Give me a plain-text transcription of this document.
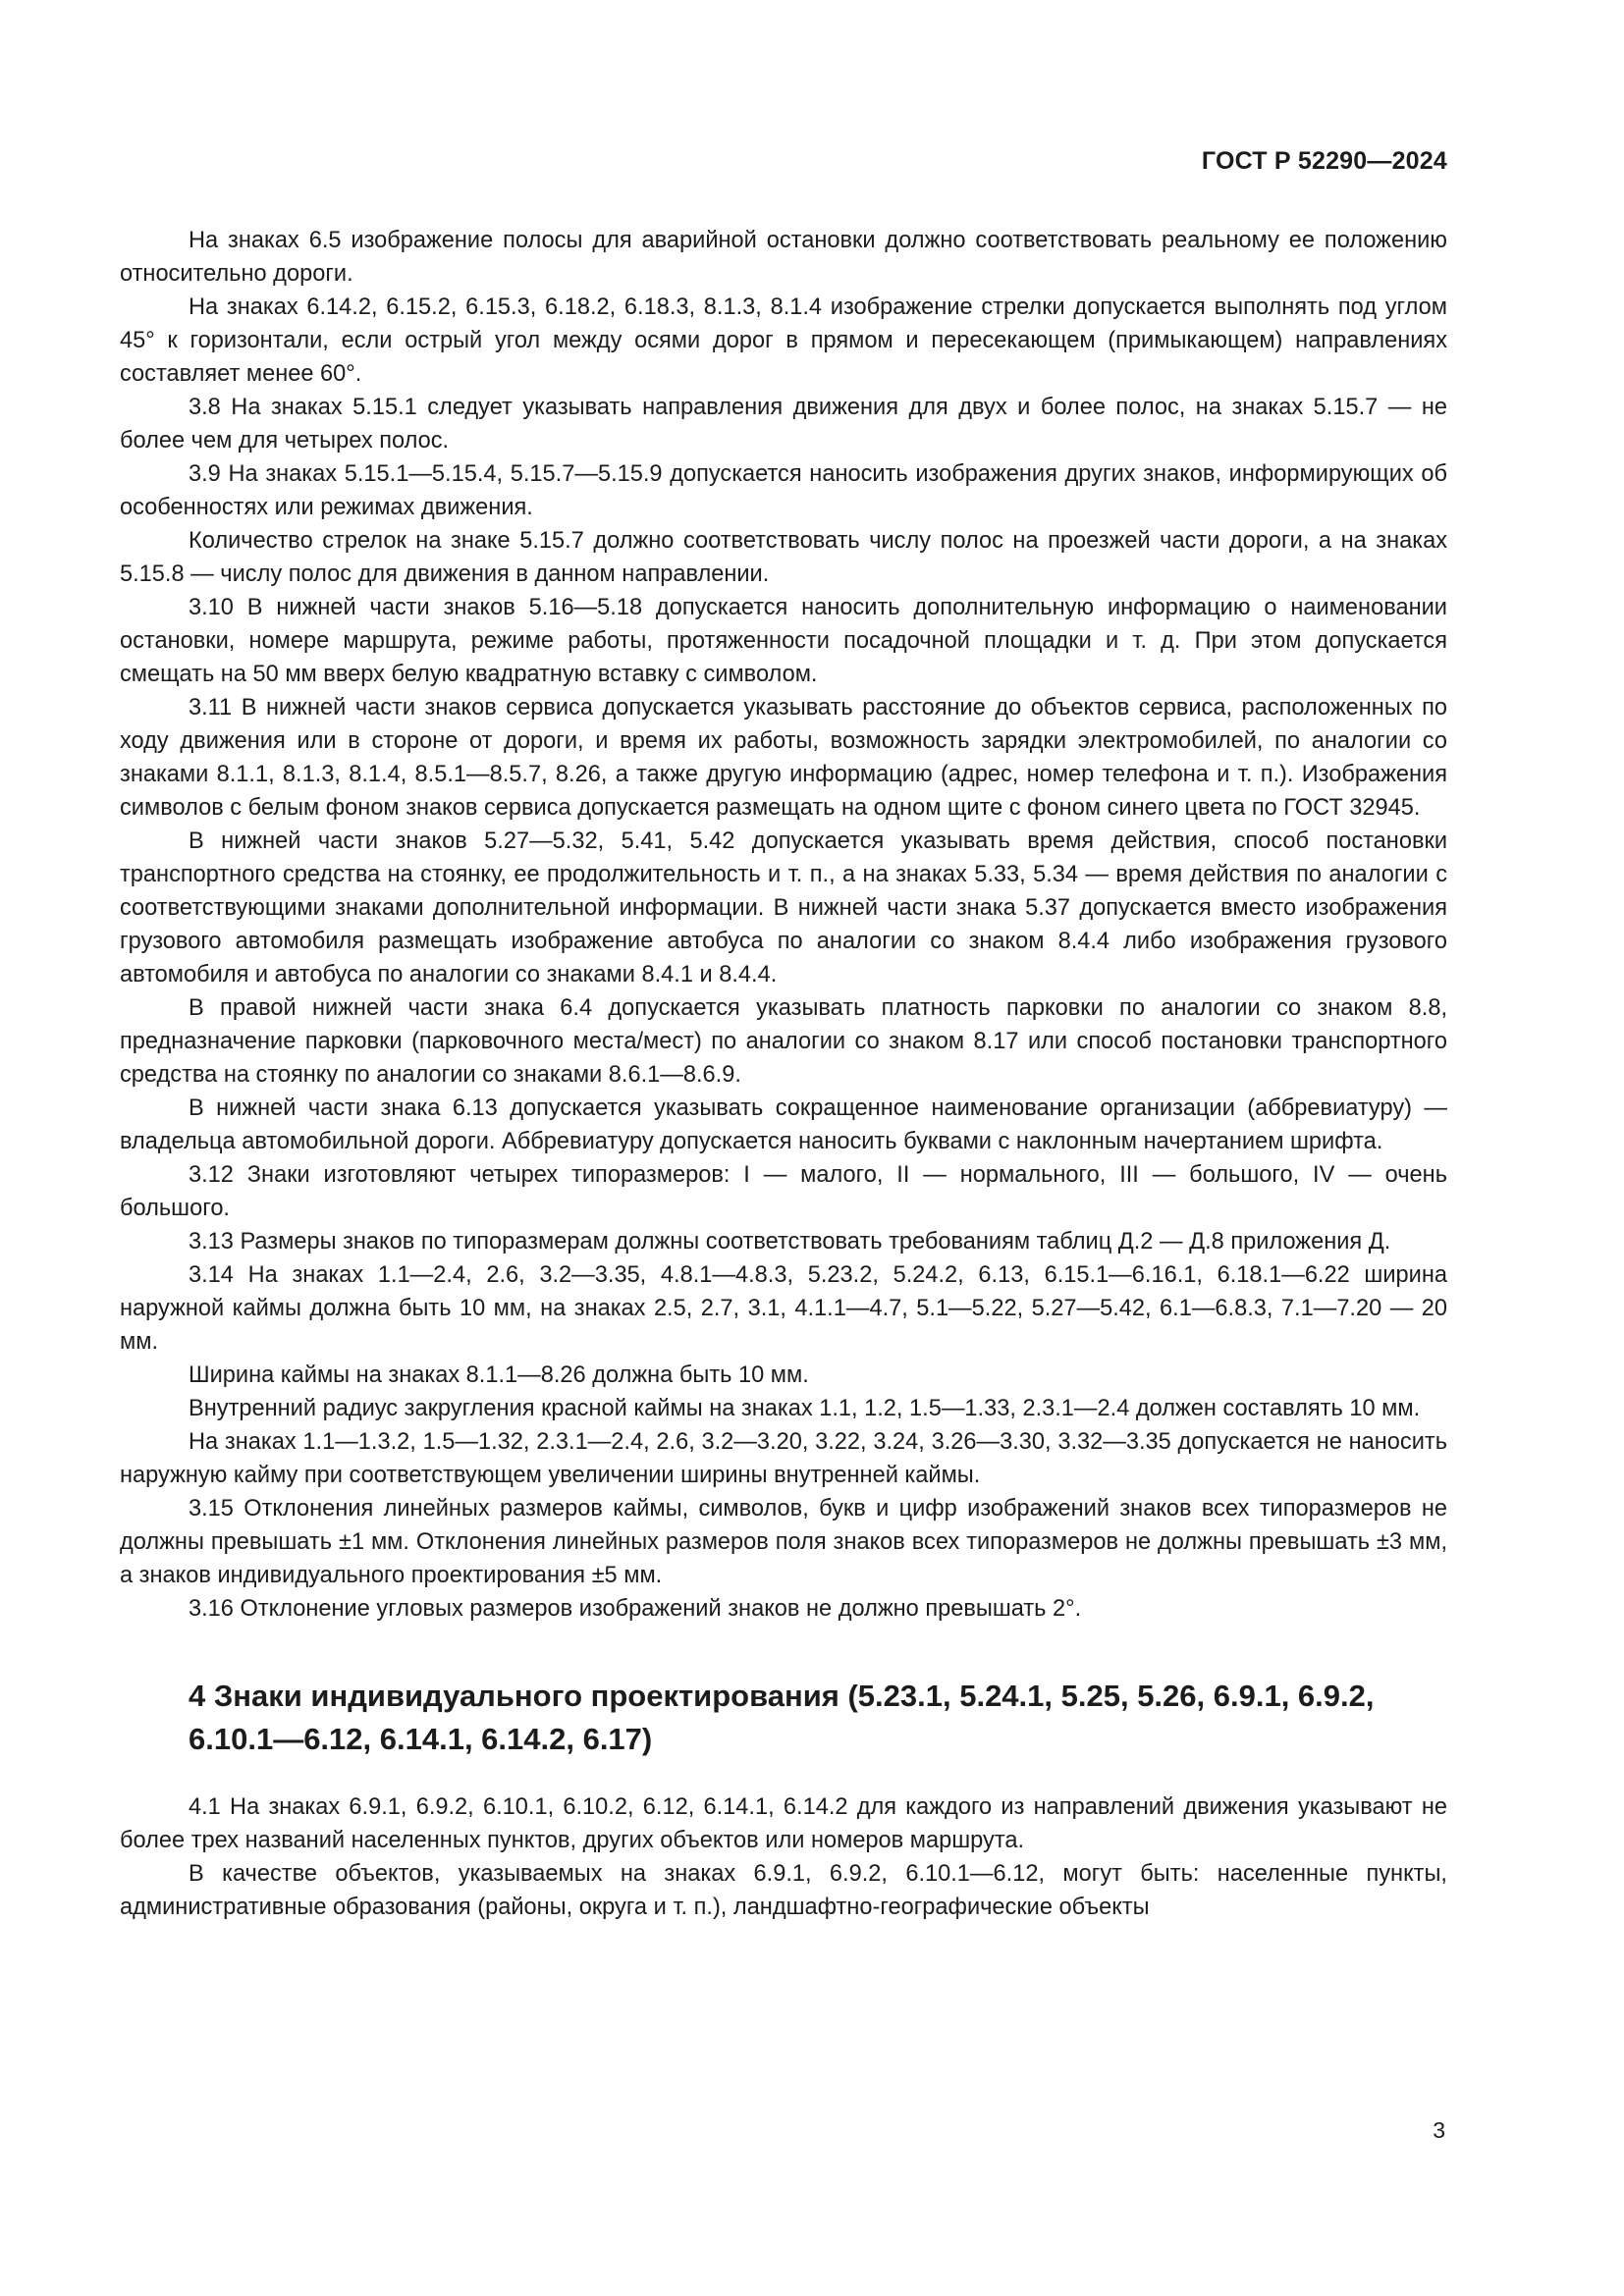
ГОСТ Р 52290—2024

На знаках 6.5 изображение полосы для аварийной остановки должно соответствовать реальному ее положению относительно дороги.

На знаках 6.14.2, 6.15.2, 6.15.3, 6.18.2, 6.18.3, 8.1.3, 8.1.4 изображение стрелки допускается выполнять под углом 45° к горизонтали, если острый угол между осями дорог в прямом и пересекающем (примыкающем) направлениях составляет менее 60°.

3.8 На знаках 5.15.1 следует указывать направления движения для двух и более полос, на знаках 5.15.7 — не более чем для четырех полос.

3.9 На знаках 5.15.1—5.15.4, 5.15.7—5.15.9 допускается наносить изображения других знаков, информирующих об особенностях или режимах движения.

Количество стрелок на знаке 5.15.7 должно соответствовать числу полос на проезжей части дороги, а на знаках 5.15.8 — числу полос для движения в данном направлении.

3.10 В нижней части знаков 5.16—5.18 допускается наносить дополнительную информацию о наименовании остановки, номере маршрута, режиме работы, протяженности посадочной площадки и т. д. При этом допускается смещать на 50 мм вверх белую квадратную вставку с символом.

3.11 В нижней части знаков сервиса допускается указывать расстояние до объектов сервиса, расположенных по ходу движения или в стороне от дороги, и время их работы, возможность зарядки электромобилей, по аналогии со знаками 8.1.1, 8.1.3, 8.1.4, 8.5.1—8.5.7, 8.26, а также другую информацию (адрес, номер телефона и т. п.). Изображения символов с белым фоном знаков сервиса допускается размещать на одном щите с фоном синего цвета по ГОСТ 32945.

В нижней части знаков 5.27—5.32, 5.41, 5.42 допускается указывать время действия, способ постановки транспортного средства на стоянку, ее продолжительность и т. п., а на знаках 5.33, 5.34 — время действия по аналогии с соответствующими знаками дополнительной информации. В нижней части знака 5.37 допускается вместо изображения грузового автомобиля размещать изображение автобуса по аналогии со знаком 8.4.4 либо изображения грузового автомобиля и автобуса по аналогии со знаками 8.4.1 и 8.4.4.

В правой нижней части знака 6.4 допускается указывать платность парковки по аналогии со знаком 8.8, предназначение парковки (парковочного места/мест) по аналогии со знаком 8.17 или способ постановки транспортного средства на стоянку по аналогии со знаками 8.6.1—8.6.9.

В нижней части знака 6.13 допускается указывать сокращенное наименование организации (аббревиатуру) — владельца автомобильной дороги. Аббревиатуру допускается наносить буквами с наклонным начертанием шрифта.

3.12 Знаки изготовляют четырех типоразмеров: I — малого, II — нормального, III — большого, IV — очень большого.

3.13 Размеры знаков по типоразмерам должны соответствовать требованиям таблиц Д.2 — Д.8 приложения Д.

3.14 На знаках 1.1—2.4, 2.6, 3.2—3.35, 4.8.1—4.8.3, 5.23.2, 5.24.2, 6.13, 6.15.1—6.16.1, 6.18.1—6.22 ширина наружной каймы должна быть 10 мм, на знаках 2.5, 2.7, 3.1, 4.1.1—4.7, 5.1—5.22, 5.27—5.42, 6.1—6.8.3, 7.1—7.20 — 20 мм.

Ширина каймы на знаках 8.1.1—8.26 должна быть 10 мм.

Внутренний радиус закругления красной каймы на знаках 1.1, 1.2, 1.5—1.33, 2.3.1—2.4 должен составлять 10 мм.

На знаках 1.1—1.3.2, 1.5—1.32, 2.3.1—2.4, 2.6, 3.2—3.20, 3.22, 3.24, 3.26—3.30, 3.32—3.35 допускается не наносить наружную кайму при соответствующем увеличении ширины внутренней каймы.

3.15 Отклонения линейных размеров каймы, символов, букв и цифр изображений знаков всех типоразмеров не должны превышать ±1 мм. Отклонения линейных размеров поля знаков всех типоразмеров не должны превышать ±3 мм, а знаков индивидуального проектирования ±5 мм.

3.16 Отклонение угловых размеров изображений знаков не должно превышать 2°.

4 Знаки индивидуального проектирования (5.23.1, 5.24.1, 5.25, 5.26, 6.9.1, 6.9.2, 6.10.1—6.12, 6.14.1, 6.14.2, 6.17)

4.1 На знаках 6.9.1, 6.9.2, 6.10.1, 6.10.2, 6.12, 6.14.1, 6.14.2 для каждого из направлений движения указывают не более трех названий населенных пунктов, других объектов или номеров маршрута.

В качестве объектов, указываемых на знаках 6.9.1, 6.9.2, 6.10.1—6.12, могут быть: населенные пункты, административные образования (районы, округа и т. п.), ландшафтно-географические объекты

3
